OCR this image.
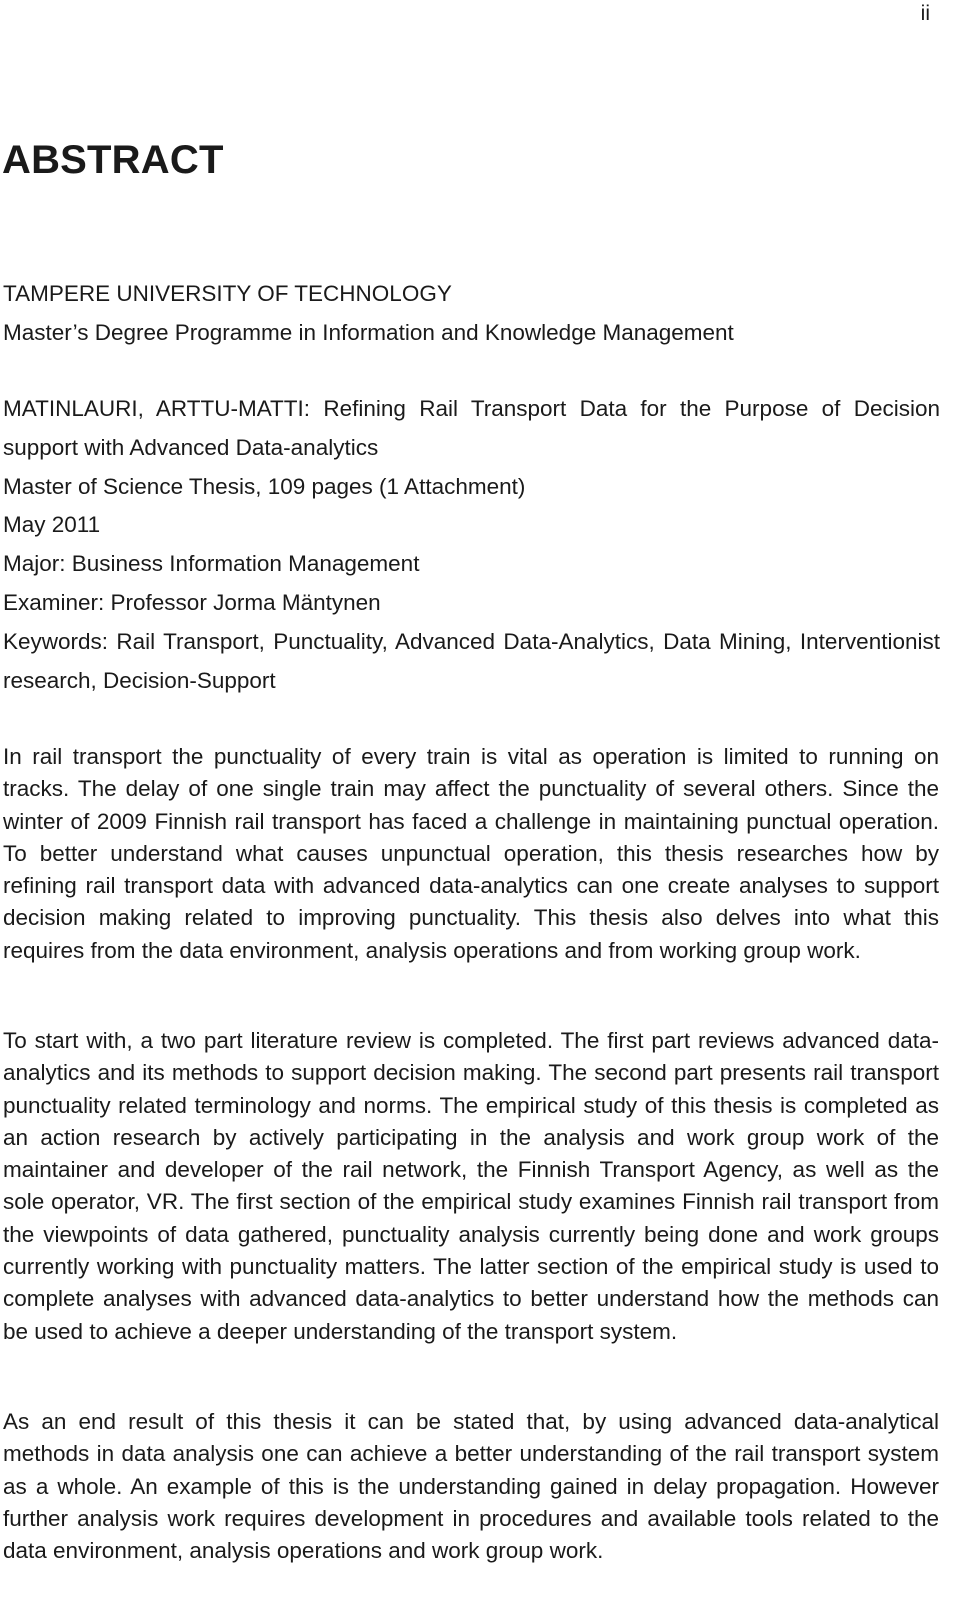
ii
ABSTRACT
TAMPERE UNIVERSITY OF TECHNOLOGY
Master’s Degree Programme in Information and Knowledge Management
MATINLAURI, ARTTU-MATTI: Refining Rail Transport Data for the Purpose of Decision support with Advanced Data-analytics
Master of Science Thesis, 109 pages (1 Attachment)
May 2011
Major: Business Information Management
Examiner: Professor Jorma Mäntynen
Keywords: Rail Transport, Punctuality, Advanced Data-Analytics, Data Mining, Interventionist research, Decision-Support

In rail transport the punctuality of every train is vital as operation is limited to running on tracks. The delay of one single train may affect the punctuality of several others. Since the winter of 2009 Finnish rail transport has faced a challenge in maintaining punctual operation. To better understand what causes unpunctual operation, this thesis researches how by refining rail transport data with advanced data-analytics can one create analyses to support decision making related to improving punctuality. This thesis also delves into what this requires from the data environment, analysis operations and from working group work.

To start with, a two part literature review is completed. The first part reviews advanced data-analytics and its methods to support decision making. The second part presents rail transport punctuality related terminology and norms. The empirical study of this thesis is completed as an action research by actively participating in the analysis and work group work of the maintainer and developer of the rail network, the Finnish Transport Agency, as well as the sole operator, VR. The first section of the empirical study examines Finnish rail transport from the viewpoints of data gathered, punctuality analysis currently being done and work groups currently working with punctuality matters. The latter section of the empirical study is used to complete analyses with advanced data-analytics to better understand how the methods can be used to achieve a deeper understanding of the transport system.

As an end result of this thesis it can be stated that, by using advanced data-analytical methods in data analysis one can achieve a better understanding of the rail transport system as a whole. An example of this is the understanding gained in delay propagation. However further analysis work requires development in procedures and available tools related to the data environment, analysis operations and work group work.
